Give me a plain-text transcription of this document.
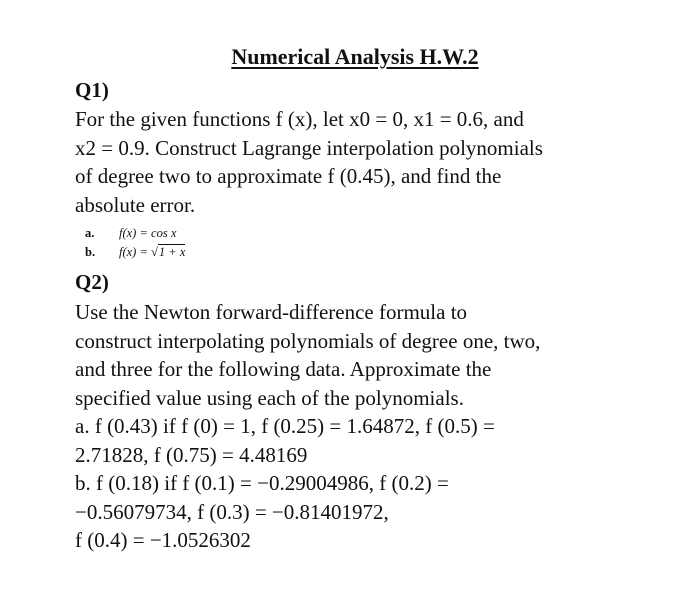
Numerical Analysis H.W.2
Q1)
For the given functions f (x), let x0 = 0, x1 = 0.6, and
x2 = 0.9. Construct Lagrange interpolation polynomials
of degree two to approximate f (0.45), and find the
absolute error.
a. f(x) = cos x
b. f(x) = √1 + x
Q2)
Use the Newton forward-difference formula to
construct interpolating polynomials of degree one, two,
and three for the following data. Approximate the
specified value using each of the polynomials.
a. f (0.43) if f (0) = 1, f (0.25) = 1.64872, f (0.5) =
2.71828, f (0.75) = 4.48169
b. f (0.18) if f (0.1) = −0.29004986, f (0.2) =
−0.56079734, f (0.3) = −0.81401972,
f (0.4) = −1.0526302
